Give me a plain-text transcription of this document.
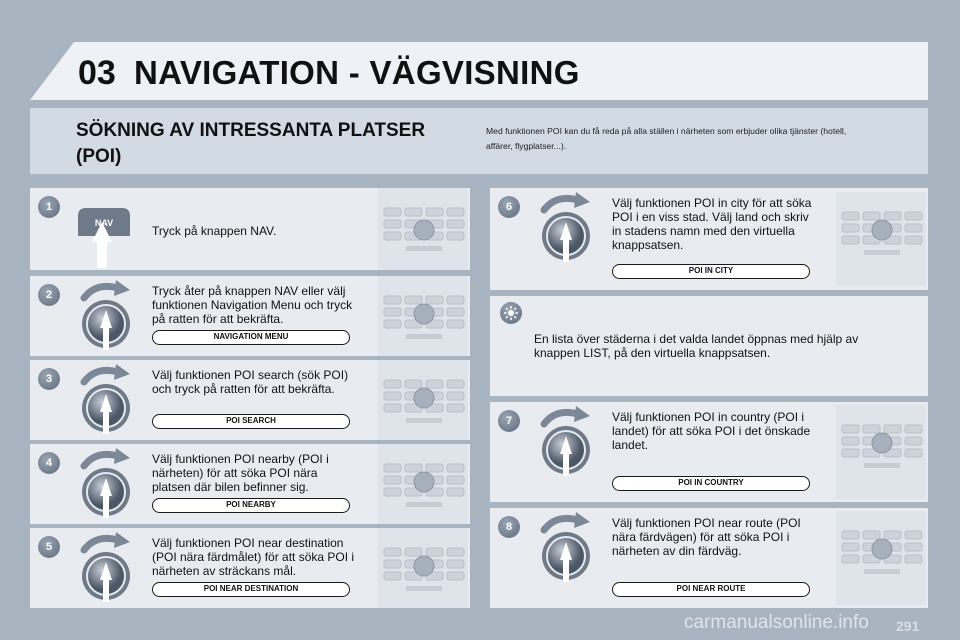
03 NAVIGATION - VÄGVISNING
SÖKNING AV INTRESSANTA PLATSER
(POI)
Med funktionen POI kan du få reda på alla ställen i närheten som erbjuder olika tjänster (hotell,
affärer, flygplatser...).
1
NAV
Tryck på knappen NAV.
2	Tryck åter på knappen NAV eller välj
funktionen Navigation Menu och tryck
på ratten för att bekräfta.
NAVIGATION MENU
3	Välj funktionen POI search (sök POI)
och tryck på ratten för att bekräfta.
POI SEARCH
4	Välj funktionen POI nearby (POI i
närheten) för att söka POI nära
platsen där bilen befinner sig.
POI NEARBY
5	Välj funktionen POI near destination
(POI nära färdmålet) för att söka POI i
närheten av sträckans mål.
POI NEAR DESTINATION
6	Välj funktionen POI in city för att söka
POI i en viss stad. Välj land och skriv
in stadens namn med den virtuella
knappsatsen.
POI IN CITY
7	Välj funktionen POI in country (POI i
landet) för att söka POI i det önskade
landet.
POI IN COUNTRY
8	Välj funktionen POI near route (POI
nära färdvägen) för att söka POI i
närheten av din färdväg.
POI NEAR ROUTE
En lista över städerna i det valda landet öppnas med hjälp av
knappen LIST, på den virtuella knappsatsen.
carmanualsonline.info 291
